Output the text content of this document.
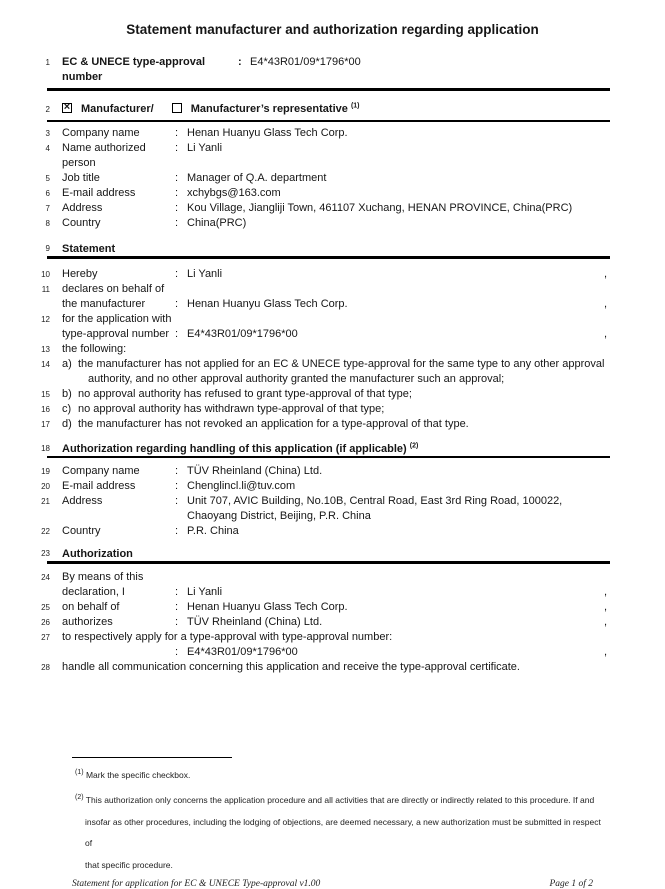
Statement manufacturer and authorization regarding application
1 EC & UNECE type-approval number
: E4*43R01/09*1796*00
2 × Manufacturer/	Manufacturer’s representative $^{(1)}$
3 Company name	: Henan Huanyu Glass Tech Corp.
4 Name authorized person
: Li Yanli
5 Job title	: Manager of Q.A. department
6 E-mail address	: xchybgs@163.com
7 Address	: Kou Village, Jiangliji Town, 461107 Xuchang, HENAN PROVINCE, China(PRC)
8 Country	: China(PRC)
9 Statement
10 Hereby	: Li Yanli	,
11 declares on behalf of
the manufacturer	: Henan Huanyu Glass Tech Corp.	,
12 for the application with
type-approval number : E4*43R01/09*1796*00	,
13 the following:
14 a) the manufacturer has not applied for an EC & UNECE type-approval for the same type to any other approval authority, and no other approval authority granted the manufacturer such an approval;
15 b) no approval authority has refused to grant type-approval of that type;
16 c) no approval authority has withdrawn type-approval of that type;
17 d) the manufacturer has not revoked an application for a type-approval of that type.
18 Authorization regarding handling of this application (if applicable) $^{(2)}$
19 Company name	: TÜV Rheinland (China) Ltd.
20 E-mail address	: Chenglincl.li@tuv.com
21 Address	: Unit 707, AVIC Building, No.10B, Central Road, East 3rd Ring Road, 100022,
Chaoyang District, Beijing, P.R. China
22 Country	: P.R. China
23 Authorization
24 By means of this
declaration, I	: Li Yanli	,
25 on behalf of	: Henan Huanyu Glass Tech Corp.	,
26 authorizes	: TÜV Rheinland (China) Ltd.	,
27 to respectively apply for a type-approval with type-approval number:
: E4*43R01/09*1796*00	,
28 handle all communication concerning this application and receive the type-approval certificate.
$^{(1)}$ Mark the specific checkbox.
$^{(2)}$ This authorization only concerns the application procedure and all activities that are directly or indirectly related to this procedure. If and
insofar as other procedures, including the lodging of objections, are deemed necessary, a new authorization must be submitted in respect of
that specific procedure.
Statement for application for EC & UNECE Type-approval v1.00	Page 1 of 2
